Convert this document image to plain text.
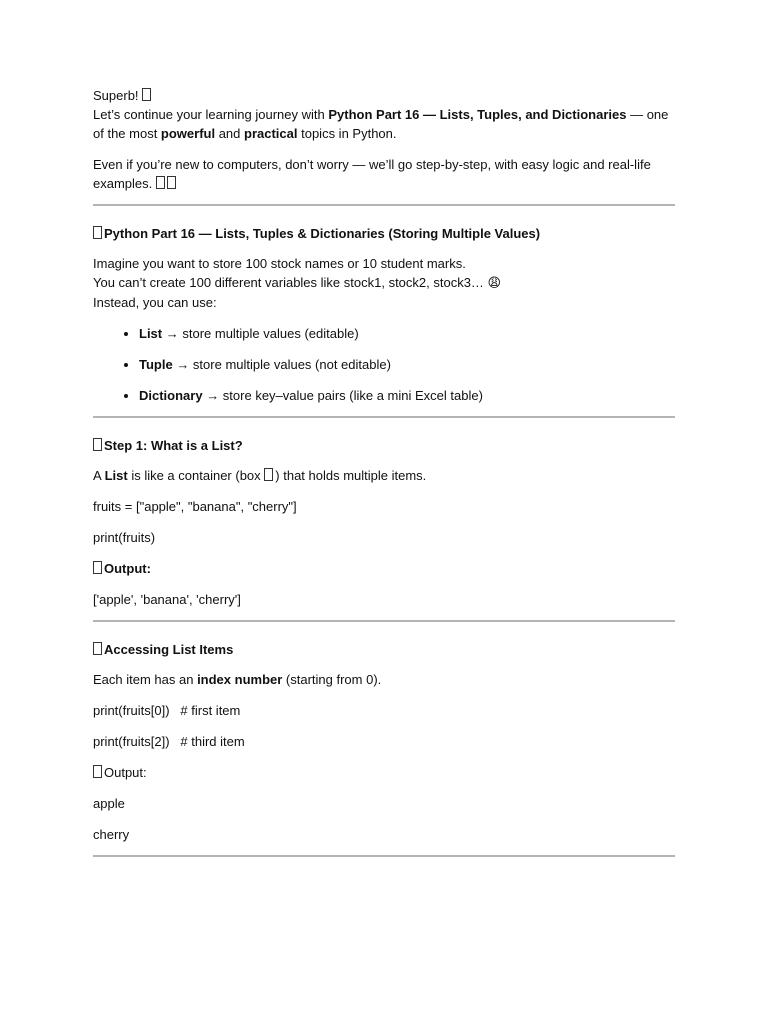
Superb!
Let’s continue your learning journey with Python Part 16 — Lists, Tuples, and Dictionaries — one of the most powerful and practical topics in Python.

Even if you’re new to computers, don’t worry — we’ll go step-by-step, with easy logic and real-life examples.

Python Part 16 — Lists, Tuples & Dictionaries (Storing Multiple Values)

Imagine you want to store 100 stock names or 10 student marks.
You can’t create 100 different variables like stock1, stock2, stock3… 😩
Instead, you can use:

• List → store multiple values (editable)
• Tuple → store multiple values (not editable)
• Dictionary → store key–value pairs (like a mini Excel table)
Step 1: What is a List?

A List is like a container (box ) that holds multiple items.

fruits = ["apple", "banana", "cherry"]

print(fruits)

Output:

['apple', 'banana', 'cherry']

Accessing List Items

Each item has an index number (starting from 0).

print(fruits[0])   # first item

print(fruits[2])   # third item

Output:

apple

cherry
